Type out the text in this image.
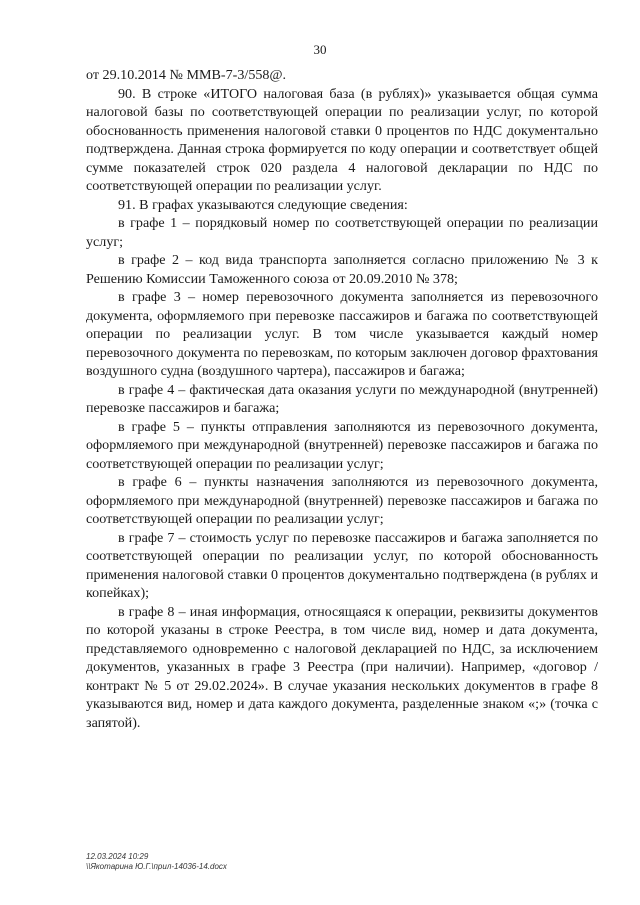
30

от 29.10.2014 № ММВ-7-3/558@.

90. В строке «ИТОГО налоговая база (в рублях)» указывается общая сумма налоговой базы по соответствующей операции по реализации услуг, по которой обоснованность применения налоговой ставки 0 процентов по НДС документально подтверждена. Данная строка формируется по коду операции и соответствует общей сумме показателей строк 020 раздела 4 налоговой декларации по НДС по соответствующей операции по реализации услуг.

91. В графах указываются следующие сведения:

в графе 1 – порядковый номер по соответствующей операции по реализации услуг;

в графе 2 – код вида транспорта заполняется согласно приложению № 3 к Решению Комиссии Таможенного союза от 20.09.2010 № 378;

в графе 3 – номер перевозочного документа заполняется из перевозочного документа, оформляемого при перевозке пассажиров и багажа по соответствующей операции по реализации услуг. В том числе указывается каждый номер перевозочного документа по перевозкам, по которым заключен договор фрахтования воздушного судна (воздушного чартера), пассажиров и багажа;

в графе 4 – фактическая дата оказания услуги по международной (внутренней) перевозке пассажиров и багажа;

в графе 5 – пункты отправления заполняются из перевозочного документа, оформляемого при международной (внутренней) перевозке пассажиров и багажа по соответствующей операции по реализации услуг;

в графе 6 – пункты назначения заполняются из перевозочного документа, оформляемого при международной (внутренней) перевозке пассажиров и багажа по соответствующей операции по реализации услуг;

в графе 7 – стоимость услуг по перевозке пассажиров и багажа заполняется по соответствующей операции по реализации услуг, по которой обоснованность применения налоговой ставки 0 процентов документально подтверждена (в рублях и копейках);

в графе 8 – иная информация, относящаяся к операции, реквизиты документов по которой указаны в строке Реестра, в том числе вид, номер и дата документа, представляемого одновременно с налоговой декларацией по НДС, за исключением документов, указанных в графе 3 Реестра (при наличии). Например, «договор / контракт № 5 от 29.02.2024». В случае указания нескольких документов в графе 8 указываются вид, номер и дата каждого документа, разделенные знаком «;» (точка с запятой).

12.03.2024 10:29
\\Якотарина Ю.Г.\прил-14036-14.docx
